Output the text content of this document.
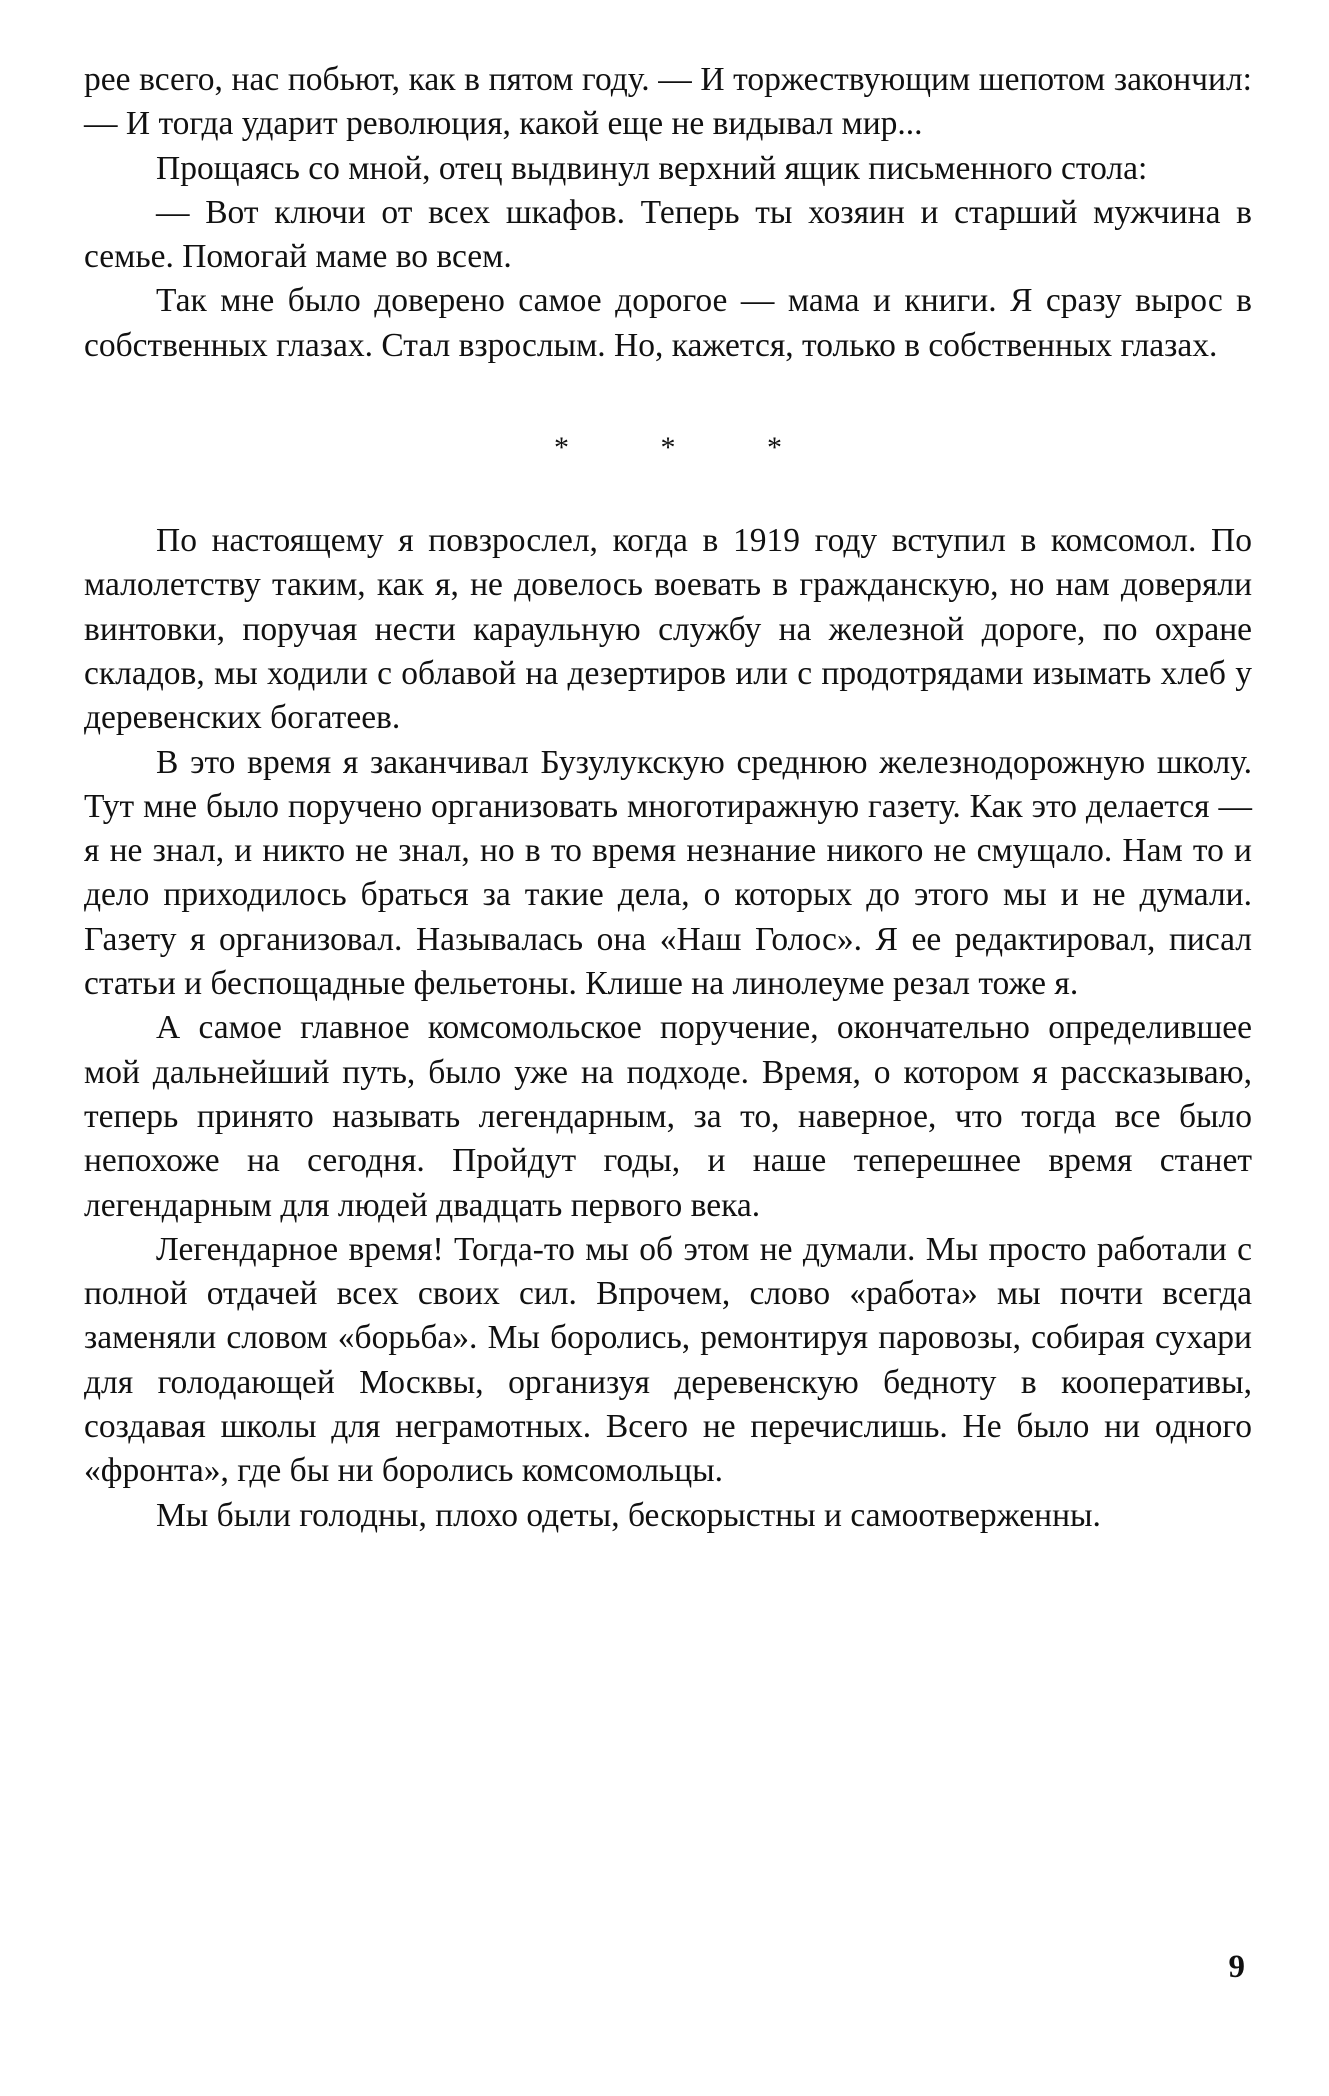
рее всего, нас побьют, как в пятом году. — И торжествующим шепотом закончил: — И тогда ударит революция, какой еще не видывал мир...

Прощаясь со мной, отец выдвинул верхний ящик письменного стола:

— Вот ключи от всех шкафов. Теперь ты хозяин и старший мужчина в семье. Помогай маме во всем.

Так мне было доверено самое дорогое — мама и книги. Я сразу вырос в собственных глазах. Стал взрослым. Но, кажется, только в собственных глазах.

* * *

По настоящему я повзрослел, когда в 1919 году вступил в комсомол. По малолетству таким, как я, не довелось воевать в гражданскую, но нам доверяли винтовки, поручая нести караульную службу на железной дороге, по охране складов, мы ходили с облавой на дезертиров или с продотрядами изымать хлеб у деревенских богатеев.

В это время я заканчивал Бузулукскую среднюю железнодорожную школу. Тут мне было поручено организовать многотиражную газету. Как это делается — я не знал, и никто не знал, но в то время незнание никого не смущало. Нам то и дело приходилось браться за такие дела, о которых до этого мы и не думали. Газету я организовал. Называлась она «Наш Голос». Я ее редактировал, писал статьи и беспощадные фельетоны. Клише на линолеуме резал тоже я.

А самое главное комсомольское поручение, окончательно определившее мой дальнейший путь, было уже на подходе. Время, о котором я рассказываю, теперь принято называть легендарным, за то, наверное, что тогда все было непохоже на сегодня. Пройдут годы, и наше теперешнее время станет легендарным для людей двадцать первого века.

Легендарное время! Тогда-то мы об этом не думали. Мы просто работали с полной отдачей всех своих сил. Впрочем, слово «работа» мы почти всегда заменяли словом «борьба». Мы боролись, ремонтируя паровозы, собирая сухари для голодающей Москвы, организуя деревенскую бедноту в кооперативы, создавая школы для неграмотных. Всего не перечислишь. Не было ни одного «фронта», где бы ни боролись комсомольцы.

Мы были голодны, плохо одеты, бескорыстны и самоотверженны.

9
